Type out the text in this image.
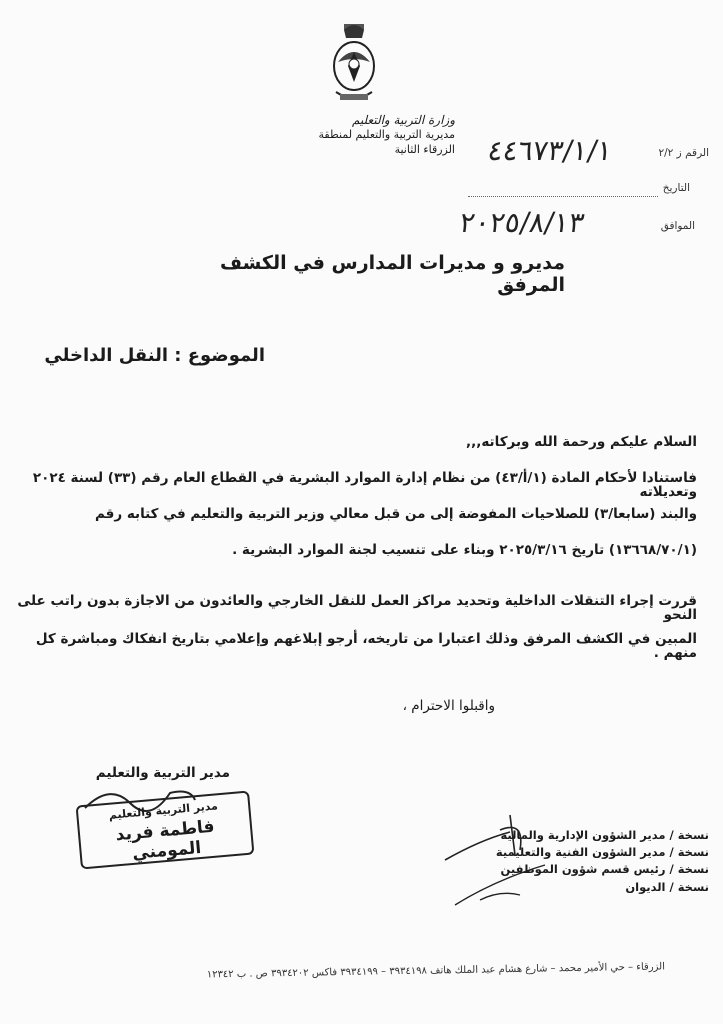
وزارة التربية والتعليم
مديرية التربية والتعليم لمنطقة الزرقاء الثانية	الرقم ز ٢/٢
٤٤٦٧٣/١/١
التاريخ
الموافق
٢٠٢٥/٨/١٣
مديرو و مديرات المدارس في الكشف المرفق
الموضوع : النقل الداخلي
السلام عليكم ورحمة الله وبركاته,,,
فاستنادا لأحكام المادة (١/أ/٤٣) من نظام إدارة الموارد البشرية في القطاع العام رقم (٣٣) لسنة ٢٠٢٤ وتعديلاته
والبند (سابعا/٣) للصلاحيات المفوضة إلى من قبل معالي وزير التربية والتعليم في كتابه رقم
(١٣٦٦٨/٧٠/١) تاريخ ٢٠٢٥/٣/١٦ وبناء على تنسيب لجنة الموارد البشرية .
قررت إجراء التنقلات الداخلية وتحديد مراكز العمل للنقل الخارجي والعائدون من الاجازة بدون راتب على النحو
المبين في الكشف المرفق وذلك اعتبارا من تاريخه، أرجو إبلاغهم وإعلامي بتاريخ انفكاك ومباشرة كل منهم .
واقبلوا الاحترام ،
مدير التربية والتعليم
مدير التربية والتعليم
فاطمة فريد المومني
نسخة / مدير الشؤون الإدارية والمالية
نسخة / مدير الشؤون الفنية والتعليمية
نسخة / رئيس قسم شؤون الموظفين
نسخة / الديوان
الزرقاء – حي الأمير محمد – شارع هشام عبد الملك هاتف ٣٩٣٤١٩٨ – ٣٩٣٤١٩٩ فاكس ٣٩٣٤٢٠٢ ص . ب ١٢٣٤٢
